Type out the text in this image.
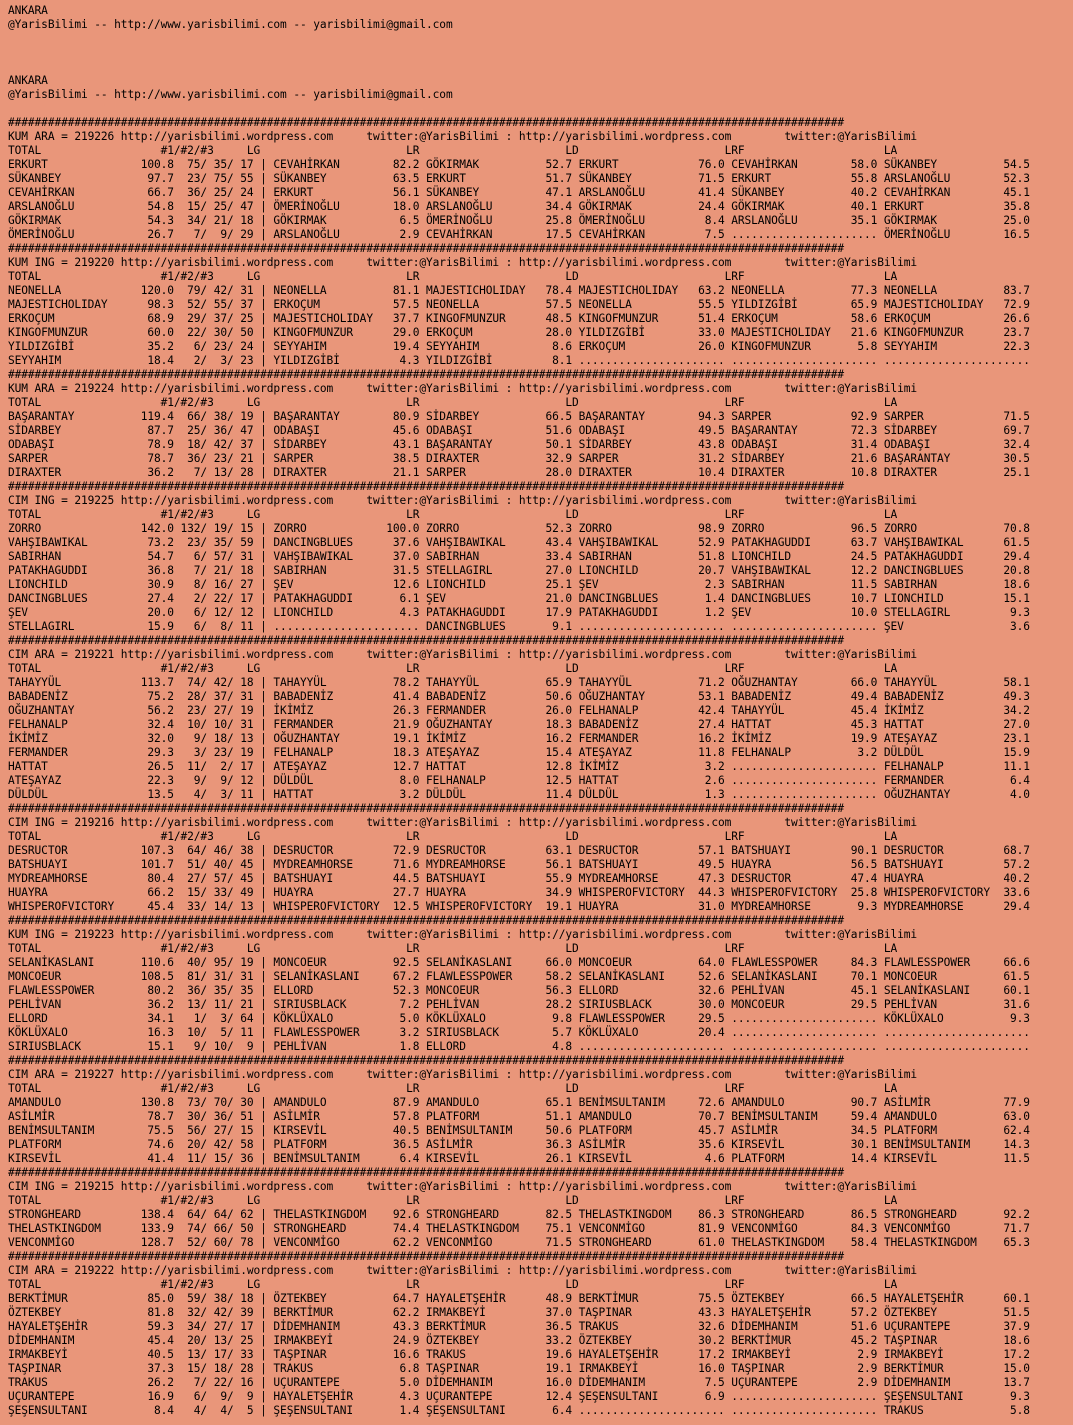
ANKARA
@YarisBilimi -- http://www.yarisbilimi.com -- yarisbilimi@gmail.com

ANKARA
@YarisBilimi -- http://www.yarisbilimi.com -- yarisbilimi@gmail.com

##############################################################################################################################
KUM ARA = 219226 http://yarisbilimi.wordpress.com     twitter:@YarisBilimi : http://yarisbilimi.wordpress.com        twitter:@YarisBilimi
TOTAL                  #1/#2/#3     LG                      LR                      LD                      LRF                     LA
ERKURT              100.8  75/ 35/ 17 | CEVAHİRKAN        82.2 GÖKIRMAK          52.7 ERKURT            76.0 CEVAHİRKAN        58.0 SÜKANBEY          54.5
SÜKANBEY             97.7  23/ 75/ 55 | SÜKANBEY          63.5 ERKURT            51.7 SÜKANBEY          71.5 ERKURT            55.8 ARSLANOĞLU        52.3
CEVAHİRKAN           66.7  36/ 25/ 24 | ERKURT            56.1 SÜKANBEY          47.1 ARSLANOĞLU        41.4 SÜKANBEY          40.2 CEVAHİRKAN        45.1
ARSLANOĞLU           54.8  15/ 25/ 47 | ÖMERİNOĞLU        18.0 ARSLANOĞLU        34.4 GÖKIRMAK          24.4 GÖKIRMAK          40.1 ERKURT            35.8
GÖKIRMAK             54.3  34/ 21/ 18 | GÖKIRMAK           6.5 ÖMERİNOĞLU        25.8 ÖMERİNOĞLU         8.4 ARSLANOĞLU        35.1 GÖKIRMAK          25.0
ÖMERİNOĞLU           26.7   7/  9/ 29 | ARSLANOĞLU         2.9 CEVAHİRKAN        17.5 CEVAHİRKAN         7.5 ...................... ÖMERİNOĞLU        16.5
##############################################################################################################################
KUM ING = 219220 http://yarisbilimi.wordpress.com     twitter:@YarisBilimi : http://yarisbilimi.wordpress.com        twitter:@YarisBilimi
TOTAL                  #1/#2/#3     LG                      LR                      LD                      LRF                     LA
NEONELLA            120.0  79/ 42/ 31 | NEONELLA          81.1 MAJESTICHOLIDAY   78.4 MAJESTICHOLIDAY   63.2 NEONELLA          77.3 NEONELLA          83.7
MAJESTICHOLIDAY      98.3  52/ 55/ 37 | ERKOÇUM           57.5 NEONELLA          57.5 NEONELLA          55.5 YILDIZGİBİ        65.9 MAJESTICHOLIDAY   72.9
ERKOÇUM              68.9  29/ 37/ 25 | MAJESTICHOLIDAY   37.7 KINGOFMUNZUR      48.5 KINGOFMUNZUR      51.4 ERKOÇUM           58.6 ERKOÇUM           26.6
KINGOFMUNZUR         60.0  22/ 30/ 50 | KINGOFMUNZUR      29.0 ERKOÇUM           28.0 YILDIZGİBİ        33.0 MAJESTICHOLIDAY   21.6 KINGOFMUNZUR      23.7
YILDIZGİBİ           35.2   6/ 23/ 24 | SEYYAHIM          19.4 SEYYAHIM           8.6 ERKOÇUM           26.0 KINGOFMUNZUR       5.8 SEYYAHIM          22.3
SEYYAHIM             18.4   2/  3/ 23 | YILDIZGİBİ         4.3 YILDIZGİBİ         8.1 ...................... ...................... ......................
##############################################################################################################################
KUM ARA = 219224 http://yarisbilimi.wordpress.com     twitter:@YarisBilimi : http://yarisbilimi.wordpress.com        twitter:@YarisBilimi
TOTAL                  #1/#2/#3     LG                      LR                      LD                      LRF                     LA
BAŞARANTAY          119.4  66/ 38/ 19 | BAŞARANTAY        80.9 SİDARBEY          66.5 BAŞARANTAY        94.3 SARPER            92.9 SARPER            71.5
SİDARBEY             87.7  25/ 36/ 47 | ODABAŞI           45.6 ODABAŞI           51.6 ODABAŞI           49.5 BAŞARANTAY        72.3 SİDARBEY          69.7
ODABAŞI              78.9  18/ 42/ 37 | SİDARBEY          43.1 BAŞARANTAY        50.1 SİDARBEY          43.8 ODABAŞI           31.4 ODABAŞI           32.4
SARPER               78.7  36/ 23/ 21 | SARPER            38.5 DIRAXTER          32.9 SARPER            31.2 SİDARBEY          21.6 BAŞARANTAY        30.5
DIRAXTER             36.2   7/ 13/ 28 | DIRAXTER          21.1 SARPER            28.0 DIRAXTER          10.4 DIRAXTER          10.8 DIRAXTER          25.1
##############################################################################################################################
CIM ING = 219225 http://yarisbilimi.wordpress.com     twitter:@YarisBilimi : http://yarisbilimi.wordpress.com        twitter:@YarisBilimi
TOTAL                  #1/#2/#3     LG                      LR                      LD                      LRF                     LA
ZORRO               142.0 132/ 19/ 15 | ZORRO            100.0 ZORRO             52.3 ZORRO             98.9 ZORRO             96.5 ZORRO             70.8
VAHŞIBAWIKAL         73.2  23/ 35/ 59 | DANCINGBLUES      37.6 VAHŞIBAWIKAL      43.4 VAHŞIBAWIKAL      52.9 PATAKHAGUDDI      63.7 VAHŞIBAWIKAL      61.5
SABIRHAN             54.7   6/ 57/ 31 | VAHŞIBAWIKAL      37.0 SABIRHAN          33.4 SABIRHAN          51.8 LIONCHILD         24.5 PATAKHAGUDDI      29.4
PATAKHAGUDDI         36.8   7/ 21/ 18 | SABIRHAN          31.5 STELLAGIRL        27.0 LIONCHILD         20.7 VAHŞIBAWIKAL      12.2 DANCINGBLUES      20.8
LIONCHILD            30.9   8/ 16/ 27 | ŞEV               12.6 LIONCHILD         25.1 ŞEV                2.3 SABIRHAN          11.5 SABIRHAN          18.6
DANCINGBLUES         27.4   2/ 22/ 17 | PATAKHAGUDDI       6.1 ŞEV               21.0 DANCINGBLUES       1.4 DANCINGBLUES      10.7 LIONCHILD         15.1
ŞEV                  20.0   6/ 12/ 12 | LIONCHILD          4.3 PATAKHAGUDDI      17.9 PATAKHAGUDDI       1.2 ŞEV               10.0 STELLAGIRL         9.3
STELLAGIRL           15.9   6/  8/ 11 | ...................... DANCINGBLUES       9.1 ...................... ...................... ŞEV                3.6
##############################################################################################################################
CIM ARA = 219221 http://yarisbilimi.wordpress.com     twitter:@YarisBilimi : http://yarisbilimi.wordpress.com        twitter:@YarisBilimi
TOTAL                  #1/#2/#3     LG                      LR                      LD                      LRF                     LA
TAHAYYÜL            113.7  74/ 42/ 18 | TAHAYYÜL          78.2 TAHAYYÜL          65.9 TAHAYYÜL          71.2 OĞUZHANTAY        66.0 TAHAYYÜL          58.1
BABADENİZ            75.2  28/ 37/ 31 | BABADENİZ         41.4 BABADENİZ         50.6 OĞUZHANTAY        53.1 BABADENİZ         49.4 BABADENİZ         49.3
OĞUZHANTAY           56.2  23/ 27/ 19 | İKİMİZ            26.3 FERMANDER         26.0 FELHANALP         42.4 TAHAYYÜL          45.4 İKİMİZ            34.2
FELHANALP            32.4  10/ 10/ 31 | FERMANDER         21.9 OĞUZHANTAY        18.3 BABADENİZ         27.4 HATTAT            45.3 HATTAT            27.0
İKİMİZ               32.0   9/ 18/ 13 | OĞUZHANTAY        19.1 İKİMİZ            16.2 FERMANDER         16.2 İKİMİZ            19.9 ATEŞAYAZ          23.1
FERMANDER            29.3   3/ 23/ 19 | FELHANALP         18.3 ATEŞAYAZ          15.4 ATEŞAYAZ          11.8 FELHANALP          3.2 DÜLDÜL            15.9
HATTAT               26.5  11/  2/ 17 | ATEŞAYAZ          12.7 HATTAT            12.8 İKİMİZ             3.2 ...................... FELHANALP         11.1
ATEŞAYAZ             22.3   9/  9/ 12 | DÜLDÜL             8.0 FELHANALP         12.5 HATTAT             2.6 ...................... FERMANDER          6.4
DÜLDÜL               13.5   4/  3/ 11 | HATTAT             3.2 DÜLDÜL            11.4 DÜLDÜL             1.3 ...................... OĞUZHANTAY         4.0
##############################################################################################################################
CIM ING = 219216 http://yarisbilimi.wordpress.com     twitter:@YarisBilimi : http://yarisbilimi.wordpress.com        twitter:@YarisBilimi
TOTAL                  #1/#2/#3     LG                      LR                      LD                      LRF                     LA
DESRUCTOR           107.3  64/ 46/ 38 | DESRUCTOR         72.9 DESRUCTOR         63.1 DESRUCTOR         57.1 BATSHUAYI         90.1 DESRUCTOR         68.7
BATSHUAYI           101.7  51/ 40/ 45 | MYDREAMHORSE      71.6 MYDREAMHORSE      56.1 BATSHUAYI         49.5 HUAYRA            56.5 BATSHUAYI         57.2
MYDREAMHORSE         80.4  27/ 57/ 45 | BATSHUAYI         44.5 BATSHUAYI         55.9 MYDREAMHORSE      47.3 DESRUCTOR         47.4 HUAYRA            40.2
HUAYRA               66.2  15/ 33/ 49 | HUAYRA            27.7 HUAYRA            34.9 WHISPEROFVICTORY  44.3 WHISPEROFVICTORY  25.8 WHISPEROFVICTORY  33.6
WHISPEROFVICTORY     45.4  33/ 14/ 13 | WHISPEROFVICTORY  12.5 WHISPEROFVICTORY  19.1 HUAYRA            31.0 MYDREAMHORSE       9.3 MYDREAMHORSE      29.4
##############################################################################################################################
KUM ING = 219223 http://yarisbilimi.wordpress.com     twitter:@YarisBilimi : http://yarisbilimi.wordpress.com        twitter:@YarisBilimi
TOTAL                  #1/#2/#3     LG                      LR                      LD                      LRF                     LA
SELANİKASLANI       110.6  40/ 95/ 19 | MONCOEUR          92.5 SELANİKASLANI     66.0 MONCOEUR          64.0 FLAWLESSPOWER     84.3 FLAWLESSPOWER     66.6
MONCOEUR            108.5  81/ 31/ 31 | SELANİKASLANI     67.2 FLAWLESSPOWER     58.2 SELANİKASLANI     52.6 SELANİKASLANI     70.1 MONCOEUR          61.5
FLAWLESSPOWER        80.2  36/ 35/ 35 | ELLORD            52.3 MONCOEUR          56.3 ELLORD            32.6 PEHLİVAN          45.1 SELANİKASLANI     60.1
PEHLİVAN             36.2  13/ 11/ 21 | SIRIUSBLACK        7.2 PEHLİVAN          28.2 SIRIUSBLACK       30.0 MONCOEUR          29.5 PEHLİVAN          31.6
ELLORD               34.1   1/  3/ 64 | KÖKLÜXALO          5.0 KÖKLÜXALO          9.8 FLAWLESSPOWER     29.5 ...................... KÖKLÜXALO          9.3
KÖKLÜXALO            16.3  10/  5/ 11 | FLAWLESSPOWER      3.2 SIRIUSBLACK        5.7 KÖKLÜXALO         20.4 ...................... ......................
SIRIUSBLACK          15.1   9/ 10/  9 | PEHLİVAN           1.8 ELLORD             4.8 ...................... ...................... ......................
##############################################################################################################################
CIM ARA = 219227 http://yarisbilimi.wordpress.com     twitter:@YarisBilimi : http://yarisbilimi.wordpress.com        twitter:@YarisBilimi
TOTAL                  #1/#2/#3     LG                      LR                      LD                      LRF                     LA
AMANDULO            130.8  73/ 70/ 30 | AMANDULO          87.9 AMANDULO          65.1 BENİMSULTANIM     72.6 AMANDULO          90.7 ASİLMİR           77.9
ASİLMİR              78.7  30/ 36/ 51 | ASİLMİR           57.8 PLATFORM          51.1 AMANDULO          70.7 BENİMSULTANIM     59.4 AMANDULO          63.0
BENİMSULTANIM        75.5  56/ 27/ 15 | KIRSEVİL          40.5 BENİMSULTANIM     50.6 PLATFORM          45.7 ASİLMİR           34.5 PLATFORM          62.4
PLATFORM             74.6  20/ 42/ 58 | PLATFORM          36.5 ASİLMİR           36.3 ASİLMİR           35.6 KIRSEVİL          30.1 BENİMSULTANIM     14.3
KIRSEVİL             41.4  11/ 15/ 36 | BENİMSULTANIM      6.4 KIRSEVİL          26.1 KIRSEVİL           4.6 PLATFORM          14.4 KIRSEVİL          11.5
##############################################################################################################################
CIM ING = 219215 http://yarisbilimi.wordpress.com     twitter:@YarisBilimi : http://yarisbilimi.wordpress.com        twitter:@YarisBilimi
TOTAL                  #1/#2/#3     LG                      LR                      LD                      LRF                     LA
STRONGHEARD         138.4  64/ 64/ 62 | THELASTKINGDOM    92.6 STRONGHEARD       82.5 THELASTKINGDOM    86.3 STRONGHEARD       86.5 STRONGHEARD       92.2
THELASTKINGDOM      133.9  74/ 66/ 50 | STRONGHEARD       74.4 THELASTKINGDOM    75.1 VENCONMİGO        81.9 VENCONMİGO        84.3 VENCONMİGO        71.7
VENCONMİGO          128.7  52/ 60/ 78 | VENCONMİGO        62.2 VENCONMİGO        71.5 STRONGHEARD       61.0 THELASTKINGDOM    58.4 THELASTKINGDOM    65.3
##############################################################################################################################
CIM ARA = 219222 http://yarisbilimi.wordpress.com     twitter:@YarisBilimi : http://yarisbilimi.wordpress.com        twitter:@YarisBilimi
TOTAL                  #1/#2/#3     LG                      LR                      LD                      LRF                     LA
BERKTİMUR            85.0  59/ 38/ 18 | ÖZTEKBEY          64.7 HAYALETŞEHİR      48.9 BERKTİMUR         75.5 ÖZTEKBEY          66.5 HAYALETŞEHİR      60.1
ÖZTEKBEY             81.8  32/ 42/ 39 | BERKTİMUR         62.2 IRMAKBEYİ         37.0 TAŞPINAR          43.3 HAYALETŞEHİR      57.2 ÖZTEKBEY          51.5
HAYALETŞEHİR         59.3  34/ 27/ 17 | DİDEMHANIM        43.3 BERKTİMUR         36.5 TRAKUS            32.6 DİDEMHANIM        51.6 UÇURANTEPE        37.9
DİDEMHANIM           45.4  20/ 13/ 25 | IRMAKBEYİ         24.9 ÖZTEKBEY          33.2 ÖZTEKBEY          30.2 BERKTİMUR         45.2 TAŞPINAR          18.6
IRMAKBEYİ            40.5  13/ 17/ 33 | TAŞPINAR          16.6 TRAKUS            19.6 HAYALETŞEHİR      17.2 IRMAKBEYİ          2.9 IRMAKBEYİ         17.2
TAŞPINAR             37.3  15/ 18/ 28 | TRAKUS             6.8 TAŞPINAR          19.1 IRMAKBEYİ         16.0 TAŞPINAR           2.9 BERKTİMUR         15.0
TRAKUS               26.2   7/ 22/ 16 | UÇURANTEPE         5.0 DİDEMHANIM        16.0 DİDEMHANIM         7.5 UÇURANTEPE         2.9 DİDEMHANIM        13.7
UÇURANTEPE           16.9   6/  9/  9 | HAYALETŞEHİR       4.3 UÇURANTEPE        12.4 ŞEŞENSULTANI       6.9 ...................... ŞEŞENSULTANI       9.3
ŞEŞENSULTANI          8.4   4/  4/  5 | ŞEŞENSULTANI       1.4 ŞEŞENSULTANI       6.4 ...................... ...................... TRAKUS             5.8
